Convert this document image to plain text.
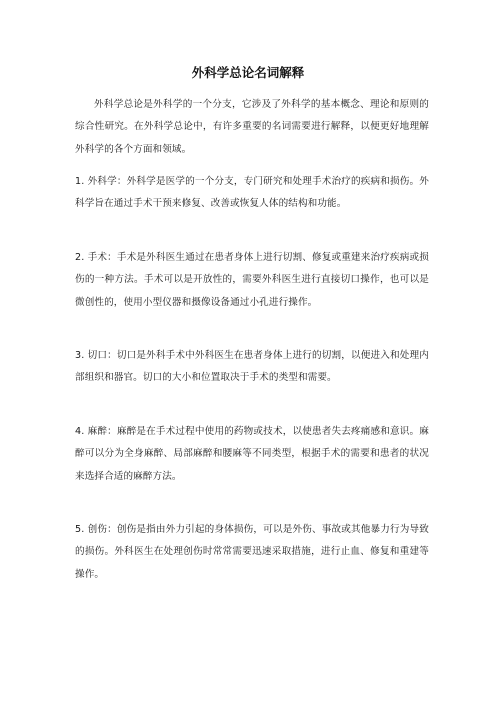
外科学总论名词解释

外科学总论是外科学的一个分支，它涉及了外科学的基本概念、理论和原则的综合性研究。在外科学总论中，有许多重要的名词需要进行解释，以便更好地理解外科学的各个方面和领域。

1. 外科学：外科学是医学的一个分支，专门研究和处理手术治疗的疾病和损伤。外科学旨在通过手术干预来修复、改善或恢复人体的结构和功能。

2. 手术：手术是外科医生通过在患者身体上进行切割、修复或重建来治疗疾病或损伤的一种方法。手术可以是开放性的，需要外科医生进行直接切口操作，也可以是微创性的，使用小型仪器和摄像设备通过小孔进行操作。

3. 切口：切口是外科手术中外科医生在患者身体上进行的切割，以便进入和处理内部组织和器官。切口的大小和位置取决于手术的类型和需要。

4. 麻醉：麻醉是在手术过程中使用的药物或技术，以使患者失去疼痛感和意识。麻醉可以分为全身麻醉、局部麻醉和腰麻等不同类型，根据手术的需要和患者的状况来选择合适的麻醉方法。

5. 创伤：创伤是指由外力引起的身体损伤，可以是外伤、事故或其他暴力行为导致的损伤。外科医生在处理创伤时常常需要迅速采取措施，进行止血、修复和重建等操作。
